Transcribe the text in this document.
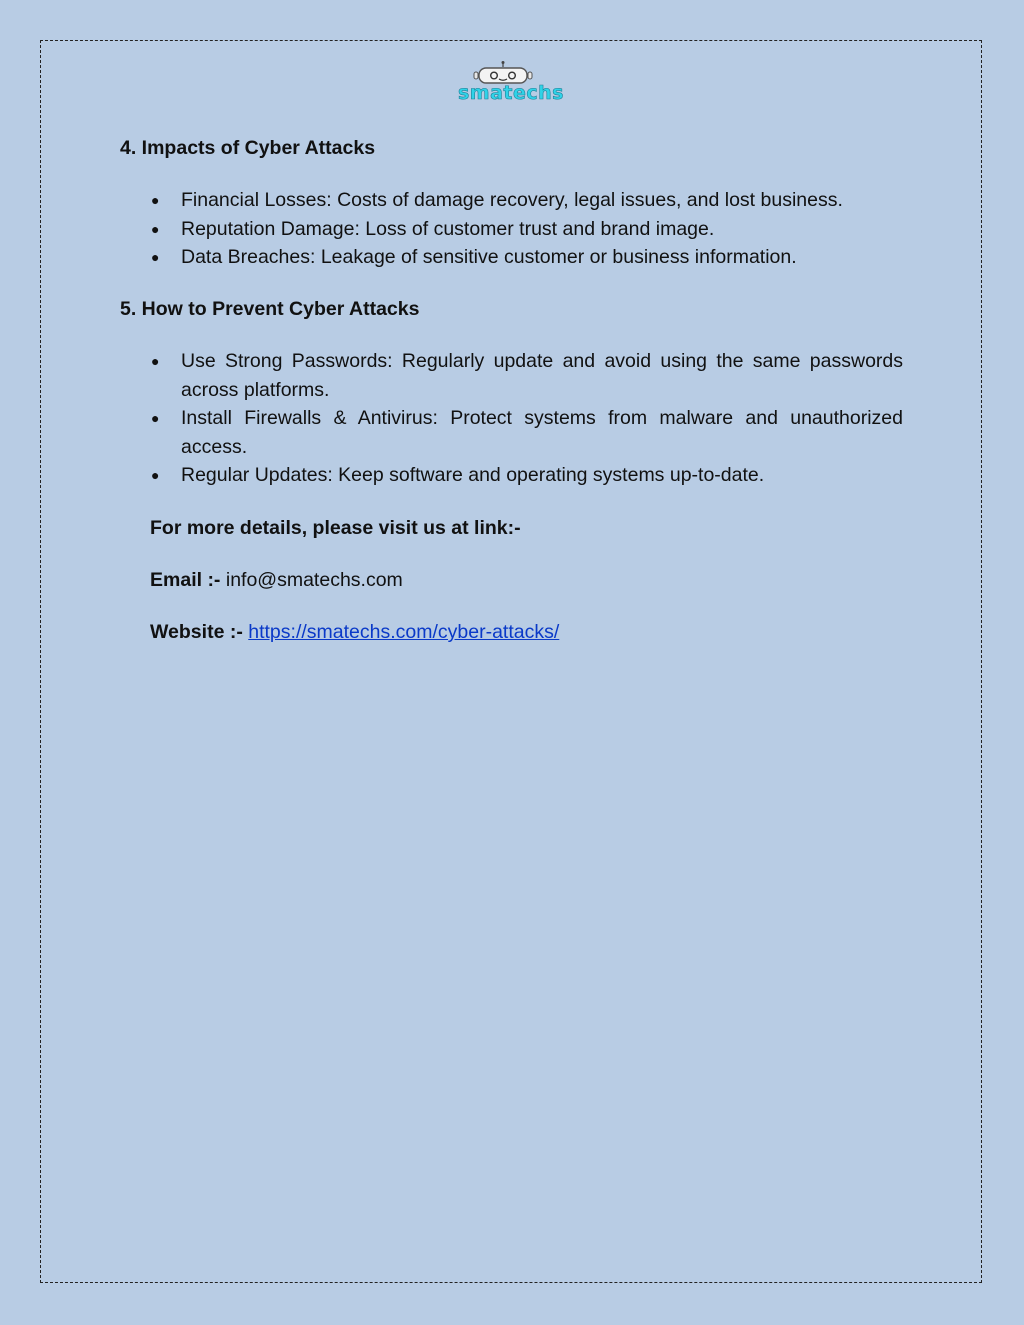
smatechs
4. Impacts of Cyber Attacks
● Financial Losses: Costs of damage recovery, legal issues, and lost business.
● Reputation Damage: Loss of customer trust and brand image.
● Data Breaches: Leakage of sensitive customer or business information.
5. How to Prevent Cyber Attacks
● Use Strong Passwords: Regularly update and avoid using the same passwords across platforms.
● Install Firewalls & Antivirus: Protect systems from malware and unauthorized access.
● Regular Updates: Keep software and operating systems up-to-date.

For more details, please visit us at link:-

Email :- info@smatechs.com

Website :- https://smatechs.com/cyber-attacks/
